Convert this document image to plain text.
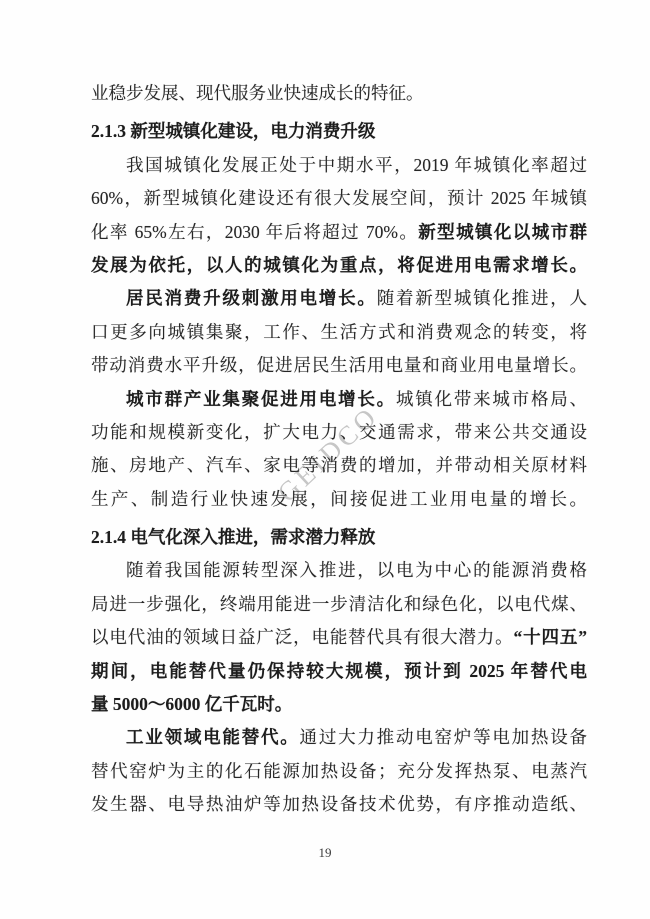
GEIDCO
业稳步发展、现代服务业快速成长的特征。
2.1.3 新型城镇化建设，电力消费升级
我国城镇化发展正处于中期水平，2019 年城镇化率超过
60%，新型城镇化建设还有很大发展空间，预计 2025 年城镇
化率 65%左右，2030 年后将超过 70%。新型城镇化以城市群
发展为依托，以人的城镇化为重点，将促进用电需求增长。
居民消费升级刺激用电增长。随着新型城镇化推进，人
口更多向城镇集聚，工作、生活方式和消费观念的转变，将
带动消费水平升级，促进居民生活用电量和商业用电量增长。
城市群产业集聚促进用电增长。城镇化带来城市格局、
功能和规模新变化，扩大电力、交通需求，带来公共交通设
施、房地产、汽车、家电等消费的增加，并带动相关原材料
生产、制造行业快速发展，间接促进工业用电量的增长。
2.1.4 电气化深入推进，需求潜力释放
随着我国能源转型深入推进，以电为中心的能源消费格
局进一步强化，终端用能进一步清洁化和绿色化，以电代煤、
以电代油的领域日益广泛，电能替代具有很大潜力。“十四五”
期间，电能替代量仍保持较大规模，预计到 2025 年替代电
量 5000～6000 亿千瓦时。
工业领域电能替代。通过大力推动电窑炉等电加热设备
替代窑炉为主的化石能源加热设备；充分发挥热泵、电蒸汽
发生器、电导热油炉等加热设备技术优势，有序推动造纸、
19
